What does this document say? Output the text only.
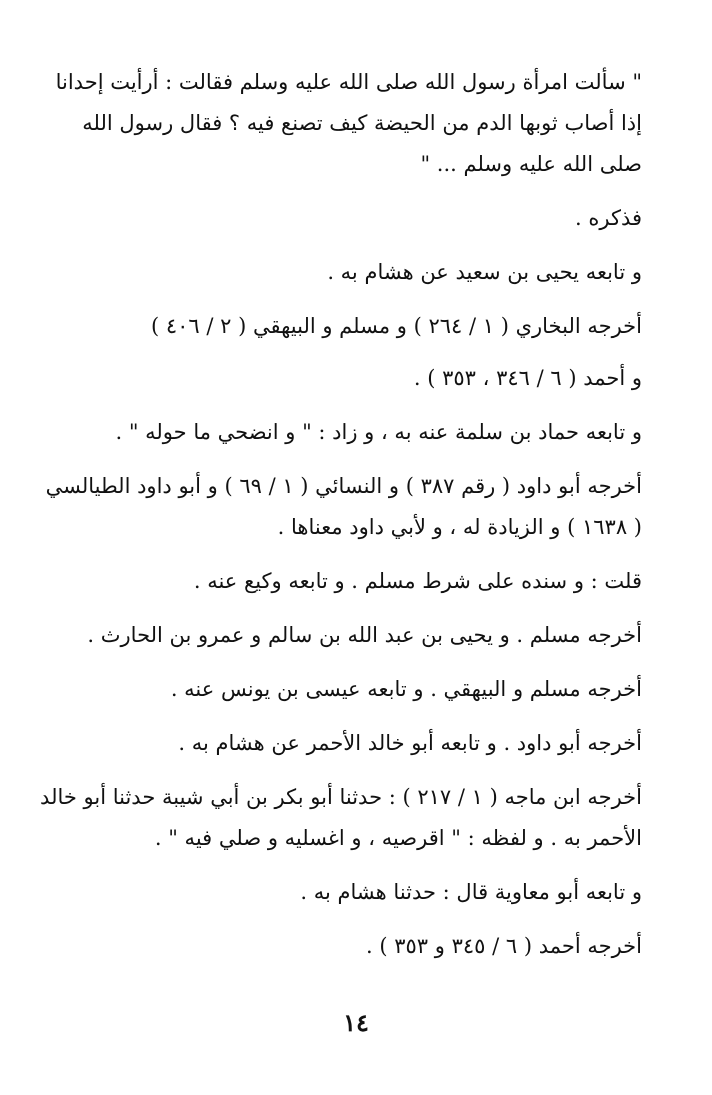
" سألت امرأة رسول الله صلى الله عليه وسلم فقالت : أرأيت إحدانا إذا أصاب ثوبها الدم من الحيضة كيف تصنع فيه ؟ فقال رسول الله صلى الله عليه وسلم ... "

فذكره .

و تابعه يحيى بن سعيد عن هشام به .

أخرجه البخاري ( ١ / ٢٦٤ ) و مسلم و البيهقي ( ٢ / ٤٠٦ )

و أحمد ( ٦ / ٣٤٦ ، ٣٥٣ ) .

و تابعه حماد بن سلمة عنه به ، و زاد : " و انضحي ما حوله " .

أخرجه أبو داود ( رقم ٣٨٧ ) و النسائي ( ١ / ٦٩ ) و أبو داود الطيالسي ( ١٦٣٨ ) و الزيادة له ، و لأبي داود معناها .

قلت : و سنده على شرط مسلم . و تابعه وكيع عنه .

أخرجه مسلم . و يحيى بن عبد الله بن سالم و عمرو بن الحارث .

أخرجه مسلم و البيهقي . و تابعه عيسى بن يونس عنه .

أخرجه أبو داود . و تابعه أبو خالد الأحمر عن هشام به .

أخرجه ابن ماجه ( ١ / ٢١٧ ) : حدثنا أبو بكر بن أبي شيبة حدثنا أبو خالد الأحمر به . و لفظه : " اقرصيه ، و اغسليه و صلي فيه " .

و تابعه أبو معاوية قال : حدثنا هشام به .

أخرجه أحمد ( ٦ / ٣٤٥ و ٣٥٣ ) .

١٤
